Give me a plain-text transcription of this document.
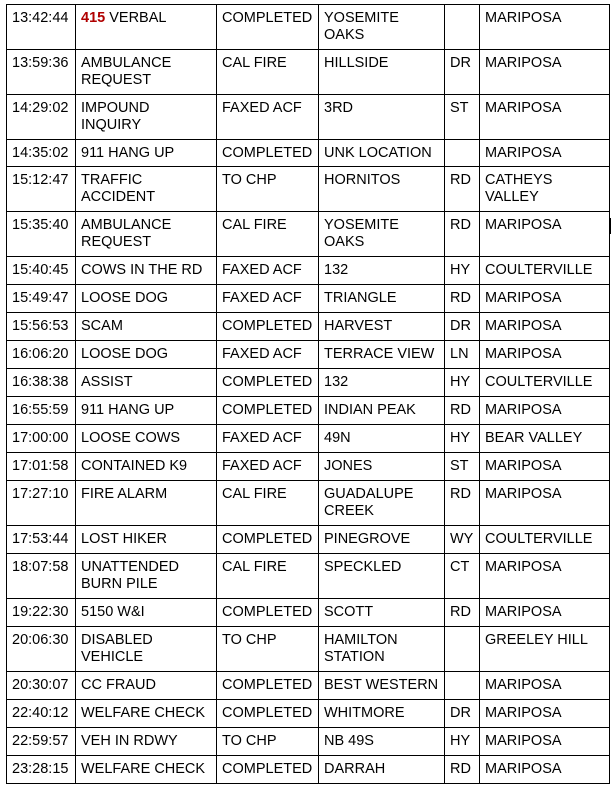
13:42:44	415 VERBAL	COMPLETED	YOSEMITE OAKS		MARIPOSA
13:59:36	AMBULANCE REQUEST	CAL FIRE	HILLSIDE	DR	MARIPOSA
14:29:02	IMPOUND INQUIRY	FAXED ACF	3RD	ST	MARIPOSA
14:35:02	911 HANG UP	COMPLETED	UNK LOCATION		MARIPOSA
15:12:47	TRAFFIC ACCIDENT	TO CHP	HORNITOS	RD	CATHEYS VALLEY
15:35:40	AMBULANCE REQUEST	CAL FIRE	YOSEMITE OAKS	RD	MARIPOSA
15:40:45	COWS IN THE RD	FAXED ACF	132	HY	COULTERVILLE
15:49:47	LOOSE DOG	FAXED ACF	TRIANGLE	RD	MARIPOSA
15:56:53	SCAM	COMPLETED	HARVEST	DR	MARIPOSA
16:06:20	LOOSE DOG	FAXED ACF	TERRACE VIEW	LN	MARIPOSA
16:38:38	ASSIST	COMPLETED	132	HY	COULTERVILLE
16:55:59	911 HANG UP	COMPLETED	INDIAN PEAK	RD	MARIPOSA
17:00:00	LOOSE COWS	FAXED ACF	49N	HY	BEAR VALLEY
17:01:58	CONTAINED K9	FAXED ACF	JONES	ST	MARIPOSA
17:27:10	FIRE ALARM	CAL FIRE	GUADALUPE CREEK	RD	MARIPOSA
17:53:44	LOST HIKER	COMPLETED	PINEGROVE	WY	COULTERVILLE
18:07:58	UNATTENDED BURN PILE	CAL FIRE	SPECKLED	CT	MARIPOSA
19:22:30	5150 W&I	COMPLETED	SCOTT	RD	MARIPOSA
20:06:30	DISABLED VEHICLE	TO CHP	HAMILTON STATION		GREELEY HILL
20:30:07	CC FRAUD	COMPLETED	BEST WESTERN		MARIPOSA
22:40:12	WELFARE CHECK	COMPLETED	WHITMORE	DR	MARIPOSA
22:59:57	VEH IN RDWY	TO CHP	NB 49S	HY	MARIPOSA
23:28:15	WELFARE CHECK	COMPLETED	DARRAH	RD	MARIPOSA
